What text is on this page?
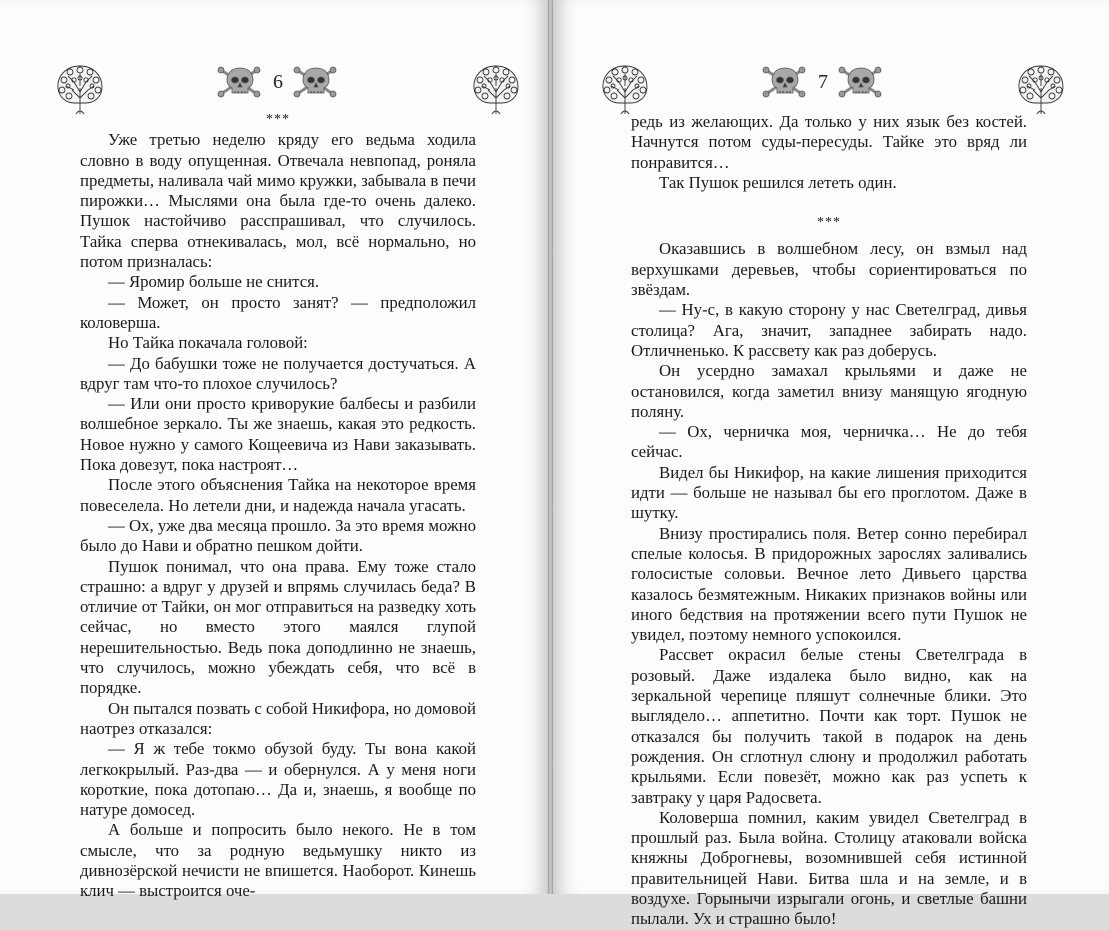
6

***

Уже третью неделю кряду его ведьма ходила словно в воду опущенная. Отвечала невпопад, роняла предметы, наливала чай мимо кружки, забывала в печи пирожки… Мыслями она была где-то очень далеко. Пушок настойчиво расспрашивал, что случилось. Тайка сперва отнекивалась, мол, всё нормально, но потом призналась:

— Яромир больше не снится.

— Может, он просто занят? — предположил коловерша.

Но Тайка покачала головой:

— До бабушки тоже не получается достучаться. А вдруг там что-то плохое случилось?

— Или они просто криворукие балбесы и разбили волшебное зеркало. Ты же знаешь, какая это редкость. Новое нужно у самого Кощеевича из Нави заказывать. Пока довезут, пока настроят…

После этого объяснения Тайка на некоторое время повеселела. Но летели дни, и надежда начала угасать.

— Ох, уже два месяца прошло. За это время можно было до Нави и обратно пешком дойти.

Пушок понимал, что она права. Ему тоже стало страшно: а вдруг у друзей и впрямь случилась беда? В отличие от Тайки, он мог отправиться на разведку хоть сейчас, но вместо этого маялся глупой нерешительностью. Ведь пока доподлинно не знаешь, что случилось, можно убеждать себя, что всё в порядке.

Он пытался позвать с собой Никифора, но домовой наотрез отказался:

— Я ж тебе токмо обузой буду. Ты вона какой легкокрылый. Раз-два — и обернулся. А у меня ноги короткие, пока дотопаю… Да и, знаешь, я вообще по натуре домосед.

А больше и попросить было некого. Не в том смысле, что за родную ведьмушку никто из дивнозёрской нечисти не впишется. Наоборот. Кинешь клич — выстроится оче-

7

редь из желающих. Да только у них язык без костей. Начнутся потом суды-пересуды. Тайке это вряд ли понравится…

Так Пушок решился лететь один.

***

Оказавшись в волшебном лесу, он взмыл над верхушками деревьев, чтобы сориентироваться по звёздам.

— Ну-с, в какую сторону у нас Светелград, дивья столица? Ага, значит, западнее забирать надо. Отличненько. К рассвету как раз доберусь.

Он усердно замахал крыльями и даже не остановился, когда заметил внизу манящую ягодную поляну.

— Ох, черничка моя, черничка… Не до тебя сейчас.

Видел бы Никифор, на какие лишения приходится идти — больше не называл бы его проглотом. Даже в шутку.

Внизу простирались поля. Ветер сонно перебирал спелые колосья. В придорожных зарослях заливались голосистые соловьи. Вечное лето Дивьего царства казалось безмятежным. Никаких признаков войны или иного бедствия на протяжении всего пути Пушок не увидел, поэтому немного успокоился.

Рассвет окрасил белые стены Светелграда в розовый. Даже издалека было видно, как на зеркальной черепице пляшут солнечные блики. Это выглядело… аппетитно. Почти как торт. Пушок не отказался бы получить такой в подарок на день рождения. Он сглотнул слюну и продолжил работать крыльями. Если повезёт, можно как раз успеть к завтраку у царя Радосвета.

Коловерша помнил, каким увидел Светелград в прошлый раз. Была война. Столицу атаковали войска княжны Доброгневы, возомнившей себя истинной правительницей Нави. Битва шла и на земле, и в воздухе. Горынычи изрыгали огонь, и светлые башни пылали. Ух и страшно было!
